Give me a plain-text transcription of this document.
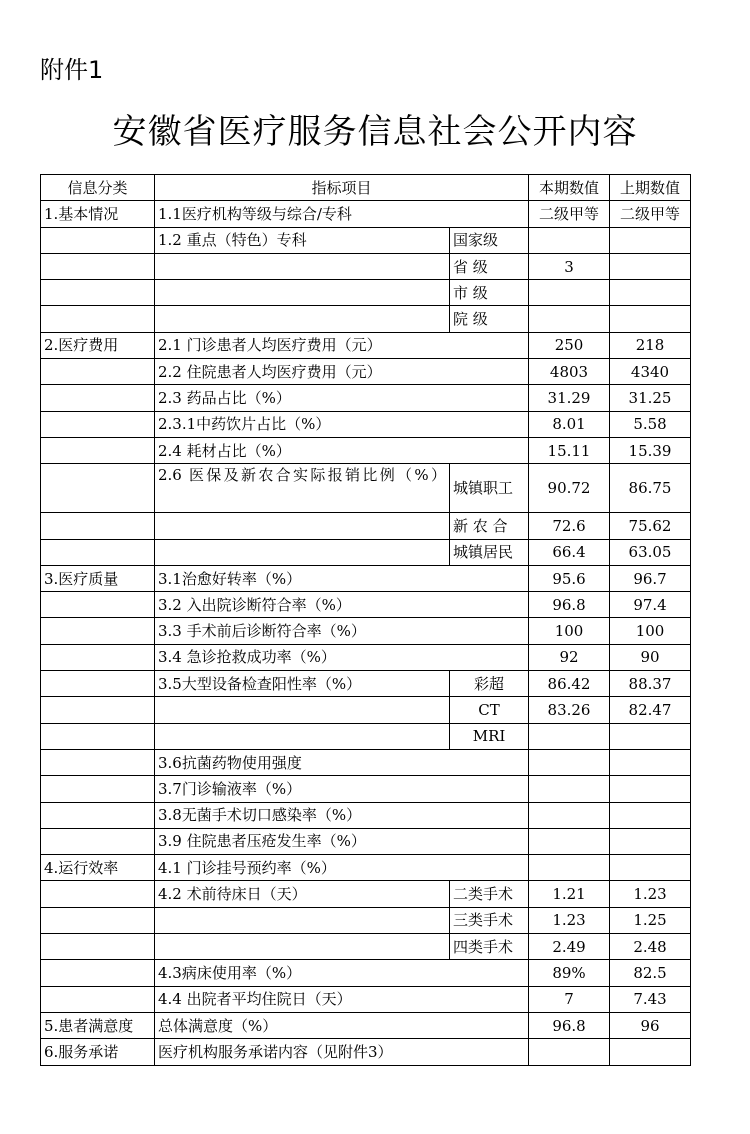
附件1
安徽省医疗服务信息社会公开内容
信息分类	指标项目		本期数值	上期数值
1.基本情况	1.1医疗机构等级与综合/专科		二级甲等	二级甲等
	1.2 重点（特色）专科	国家级		
		省 级	3	
		市 级		
		院 级		
2.医疗费用	2.1 门诊患者人均医疗费用（元）		250	218
	2.2 住院患者人均医疗费用（元）		4803	4340
	2.3 药品占比（%）		31.29	31.25
	2.3.1中药饮片占比（%）		8.01	5.58
	2.4 耗材占比（%）		15.11	15.39
	2.6 医保及新农合实际报销比例（%）	城镇职工	90.72	86.75
		新 农 合	72.6	75.62
		城镇居民	66.4	63.05
3.医疗质量	3.1治愈好转率（%）		95.6	96.7
	3.2 入出院诊断符合率（%）		96.8	97.4
	3.3 手术前后诊断符合率（%）		100	100
	3.4 急诊抢救成功率（%）		92	90
	3.5大型设备检查阳性率（%）	彩超	86.42	88.37
		CT	83.26	82.47
		MRI		
	3.6抗菌药物使用强度			
	3.7门诊输液率（%）			
	3.8无菌手术切口感染率（%）			
	3.9 住院患者压疮发生率（%）			
4.运行效率	4.1 门诊挂号预约率（%）			
	4.2 术前待床日（天）	二类手术	1.21	1.23
		三类手术	1.23	1.25
		四类手术	2.49	2.48
	4.3病床使用率（%）		89%	82.5
	4.4 出院者平均住院日（天）		7	7.43
5.患者满意度	总体满意度（%）		96.8	96
6.服务承诺	医疗机构服务承诺内容（见附件3）			
